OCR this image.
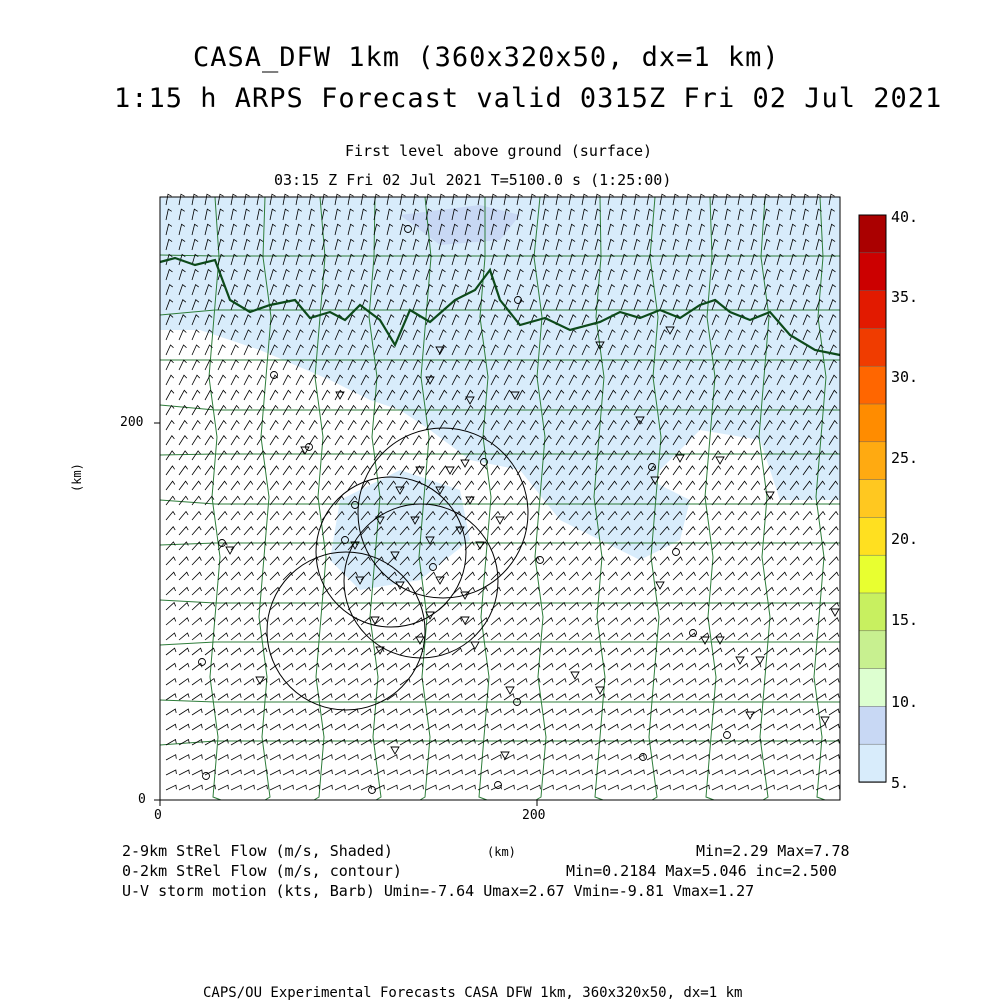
CASA_DFW 1km (360x320x50, dx=1 km)
1:15 h ARPS Forecast valid 0315Z Fri 02 Jul 2021
First level above ground (surface)
03:15 Z Fri 02 Jul 2021 T=5100.0 s (1:25:00)
0	200
0
200
(km)
40.
35.
30.
25.
20.
15.
10.
5.
2-9km StRel Flow (m/s, Shaded)	(km)	Min=2.29 Max=7.78
0-2km StRel Flow (m/s, contour)	Min=0.2184 Max=5.046 inc=2.500
U-V storm motion (kts, Barb) Umin=-7.64 Umax=2.67 Vmin=-9.81 Vmax=1.27
CAPS/OU Experimental Forecasts CASA DFW 1km, 360x320x50, dx=1 km
